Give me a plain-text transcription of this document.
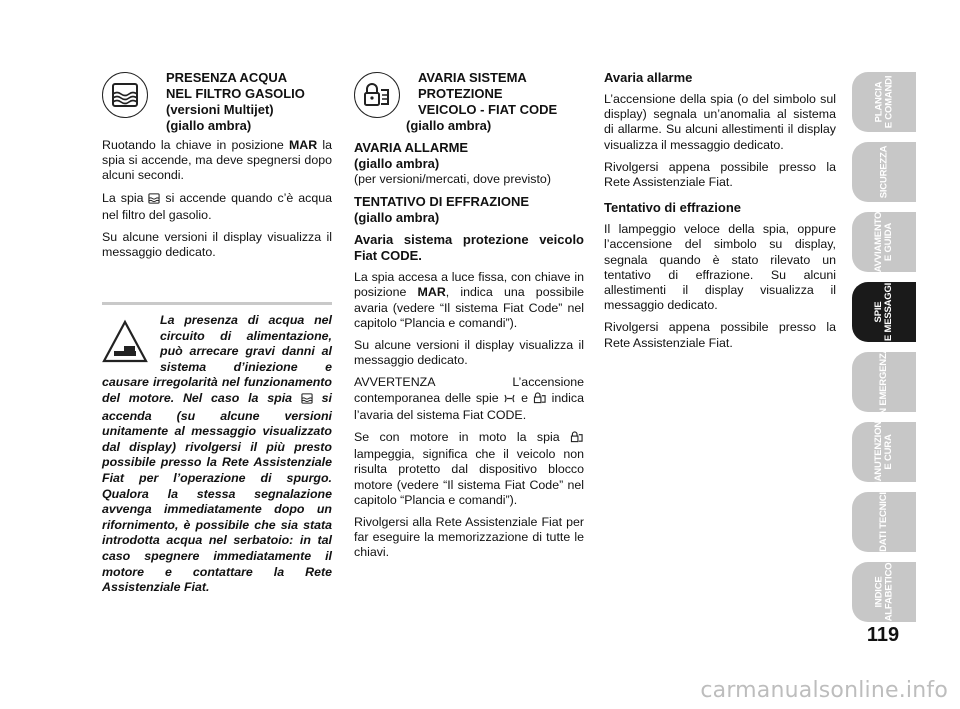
PRESENZA ACQUA
NEL FILTRO GASOLIO
(versioni Multijet)
(giallo ambra)

Ruotando la chiave in posizione MAR la spia si accende, ma deve spegnersi dopo alcuni secondi.

La spia  si accende quando c’è acqua nel filtro del gasolio.

Su alcune versioni il display visualizza il messaggio dedicato.

La presenza di acqua nel circuito di alimentazione, può arrecare gravi danni al sistema d’iniezione e causare irregolarità nel funzionamento del motore. Nel caso la spia  si accenda (su alcune versioni unitamente al messaggio visualizzato dal display) rivolgersi il più presto possibile presso la Rete Assistenziale Fiat per l’operazione di spurgo. Qualora la stessa segnalazione avvenga immediatamente dopo un rifornimento, è possibile che sia stata introdotta acqua nel serbatoio: in tal caso spegnere immediatamente il motore e contattare la Rete Assistenziale Fiat.
AVARIA SISTEMA
PROTEZIONE
VEICOLO - FIAT CODE
(giallo ambra)
AVARIA ALLARME
(giallo ambra)

(per versioni/mercati, dove previsto)

TENTATIVO DI EFFRAZIONE

(giallo ambra)

Avaria sistema protezione veicolo Fiat CODE.

La spia accesa a luce fissa, con chiave in posizione MAR, indica una possibile avaria (vedere “Il sistema Fiat Code” nel capitolo “Plancia e comandi”).

Su alcune versioni il display visualizza il messaggio dedicato.

AVVERTENZA L’accensione contemporanea delle spie  e  indica l’avaria del sistema Fiat CODE.

Se con motore in moto la spia  lampeggia, significa che il veicolo non risulta protetto dal dispositivo blocco motore (vedere “Il sistema Fiat Code” nel capitolo “Plancia e comandi”).

Rivolgersi alla Rete Assistenziale Fiat per far eseguire la memorizzazione di tutte le chiavi.

Avaria allarme

L’accensione della spia (o del simbolo sul display) segnala un’anomalia al sistema di allarme. Su alcuni allestimenti il display visualizza il messaggio dedicato.

Rivolgersi appena possibile presso la Rete Assistenziale Fiat.

Tentativo di effrazione

Il lampeggio veloce della spia, oppure l’accensione del simbolo su display, segnala quando è stato rilevato un tentativo di effrazione. Su alcuni allestimenti il display visualizza il messaggio dedicato.

Rivolgersi appena possibile presso la Rete Assistenziale Fiat.

PLANCIA
E COMANDI
SICUREZZA
AVVIAMENTO
E GUIDA
SPIE
E MESSAGGI
IN EMERGENZA
MANUTENZIONE
E CURA
DATI TECNICI
INDICE
ALFABETICO
119
carmanualsonline.info
